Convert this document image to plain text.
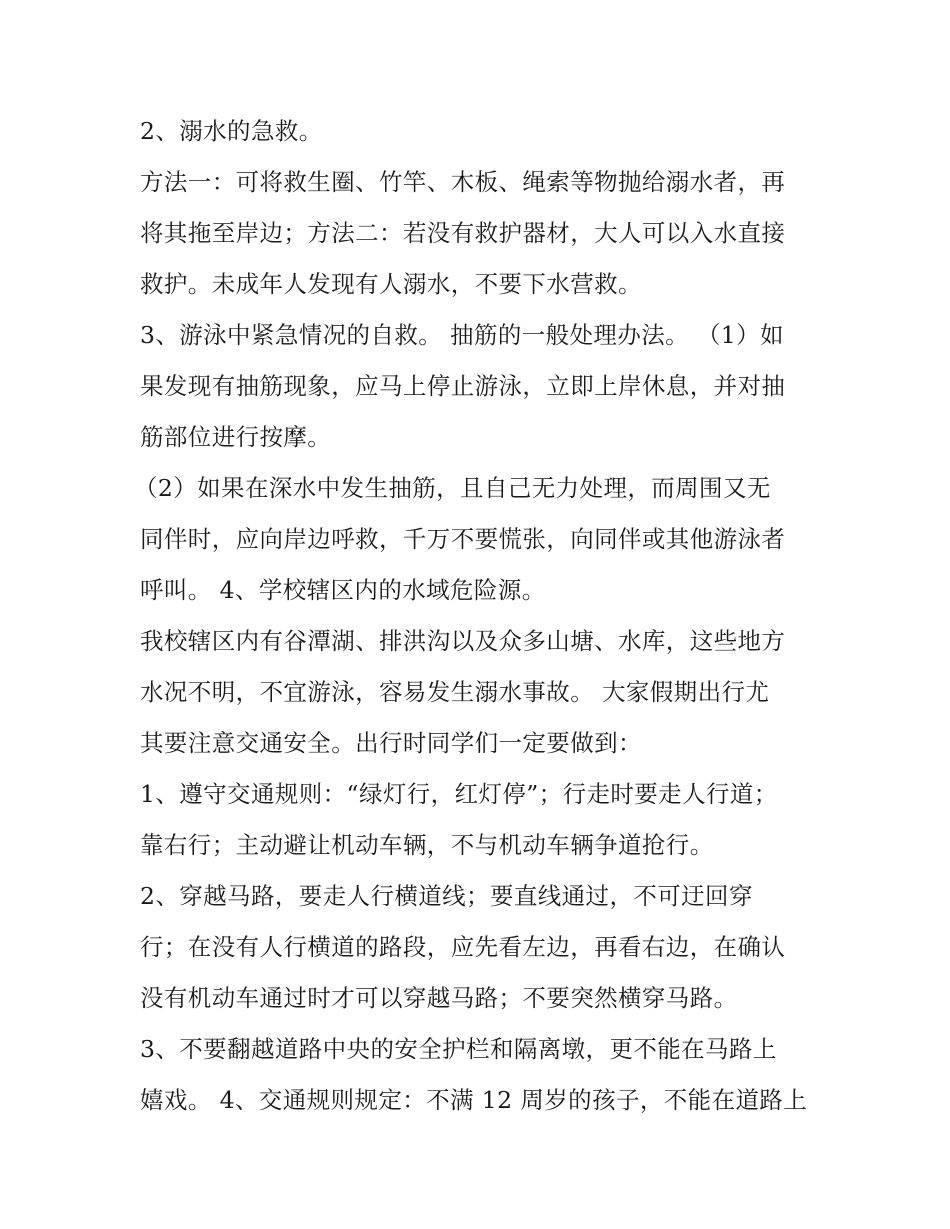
2、溺水的急救。
方法一：可将救生圈、竹竿、木板、绳索等物抛给溺水者，再
将其拖至岸边；方法二：若没有救护器材，大人可以入水直接
救护。未成年人发现有人溺水，不要下水营救。
3、游泳中紧急情况的自救。 抽筋的一般处理办法。 （1）如
果发现有抽筋现象，应马上停止游泳，立即上岸休息，并对抽
筋部位进行按摩。
（2）如果在深水中发生抽筋，且自己无力处理，而周围又无
同伴时，应向岸边呼救，千万不要慌张，向同伴或其他游泳者
呼叫。 4、学校辖区内的水域危险源。
我校辖区内有谷潭湖、排洪沟以及众多山塘、水库，这些地方
水况不明，不宜游泳，容易发生溺水事故。 大家假期出行尤
其要注意交通安全。出行时同学们一定要做到：
1、遵守交通规则：“绿灯行，红灯停”；行走时要走人行道；
靠右行；主动避让机动车辆，不与机动车辆争道抢行。
2、穿越马路，要走人行横道线；要直线通过，不可迂回穿
行；在没有人行横道的路段，应先看左边，再看右边，在确认
没有机动车通过时才可以穿越马路；不要突然横穿马路。
3、不要翻越道路中央的安全护栏和隔离墩，更不能在马路上
嬉戏。 4、交通规则规定：不满 12 周岁的孩子，不能在道路上
